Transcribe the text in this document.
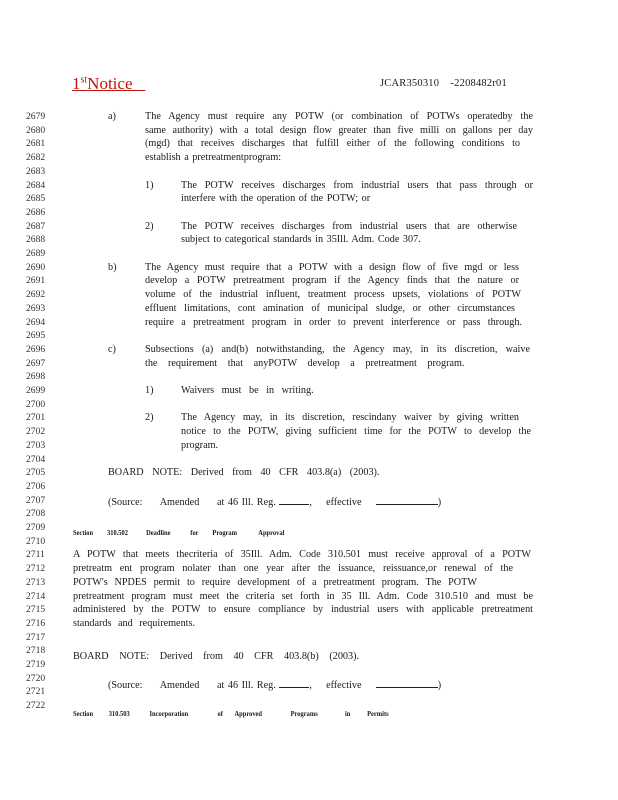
1stNotice	JCAR350310    -2208482r01
2679
2680
2681
2682
2683
2684
2685
2686
2687
2688
2689
2690
2691
2692
2693
2694
2695
2696
2697
2698
2699
2700
2701
2702
2703
2704
2705
2706
2707
2708
2709
2710
2711
2712
2713
2714
2715
2716
2717
2718
2719
2720
2721
2722
a)	The Agency must require any POTW (or combination of POTWs operatedby the
same authority) with a total design flow greater than five milli on gallons per day
(mgd) that receives discharges that fulfill either of the following conditions to
establish a pretreatmentprogram:
1)	The POTW receives discharges from industrial users that pass through or
interfere with the operation of the POTW; or
2)	The POTW receives discharges from industrial users that are otherwise
subject to categorical standards in 35Ill. Adm. Code 307.
b)	The Agency must require that a POTW with a design flow of five mgd or less
develop a POTW pretreatment program if the Agency finds that the nature or
volume of the industrial influent, treatment process upsets, violations of POTW
effluent limitations, cont amination of municipal sludge, or other circumstances
require a pretreatment program in order to prevent interference or pass through.
c)	Subsections (a) and(b) notwithstanding, the Agency may, in its discretion, waive
the requirement that anyPOTW develop a pretreatment program.
1)	Waivers must be in writing.
2)	The Agency may, in its discretion, rescindany waiver by giving written
notice to the POTW, giving sufficient time for the POTW to develop the
program.
BOARD NOTE: Derived from 40 CFR 403.8(a) (2003).
(Source: Amended at 46 Ill. Reg.	, effective	)
Section 310.502 Deadline	for Program	Approval
A POTW that meets thecriteria of 35Ill. Adm. Code 310.501 must receive approval of a POTW
pretreatm ent program nolater than one year after the issuance, reissuance,or renewal of the
POTW's NPDES permit to require development of a pretreatment program. The POTW
pretreatment program must meet the criteria set forth in 35 Ill. Adm. Code 310.510 and must be
administered by the POTW to ensure compliance by industrial users with applicable pretreatment
standards and requirements.
BOARD NOTE: Derived from 40 CFR 403.8(b) (2003).
(Source: Amended at 46 Ill. Reg.	, effective	)
Section 310.503	Incorporation	of Approved	Programs	in Permits
